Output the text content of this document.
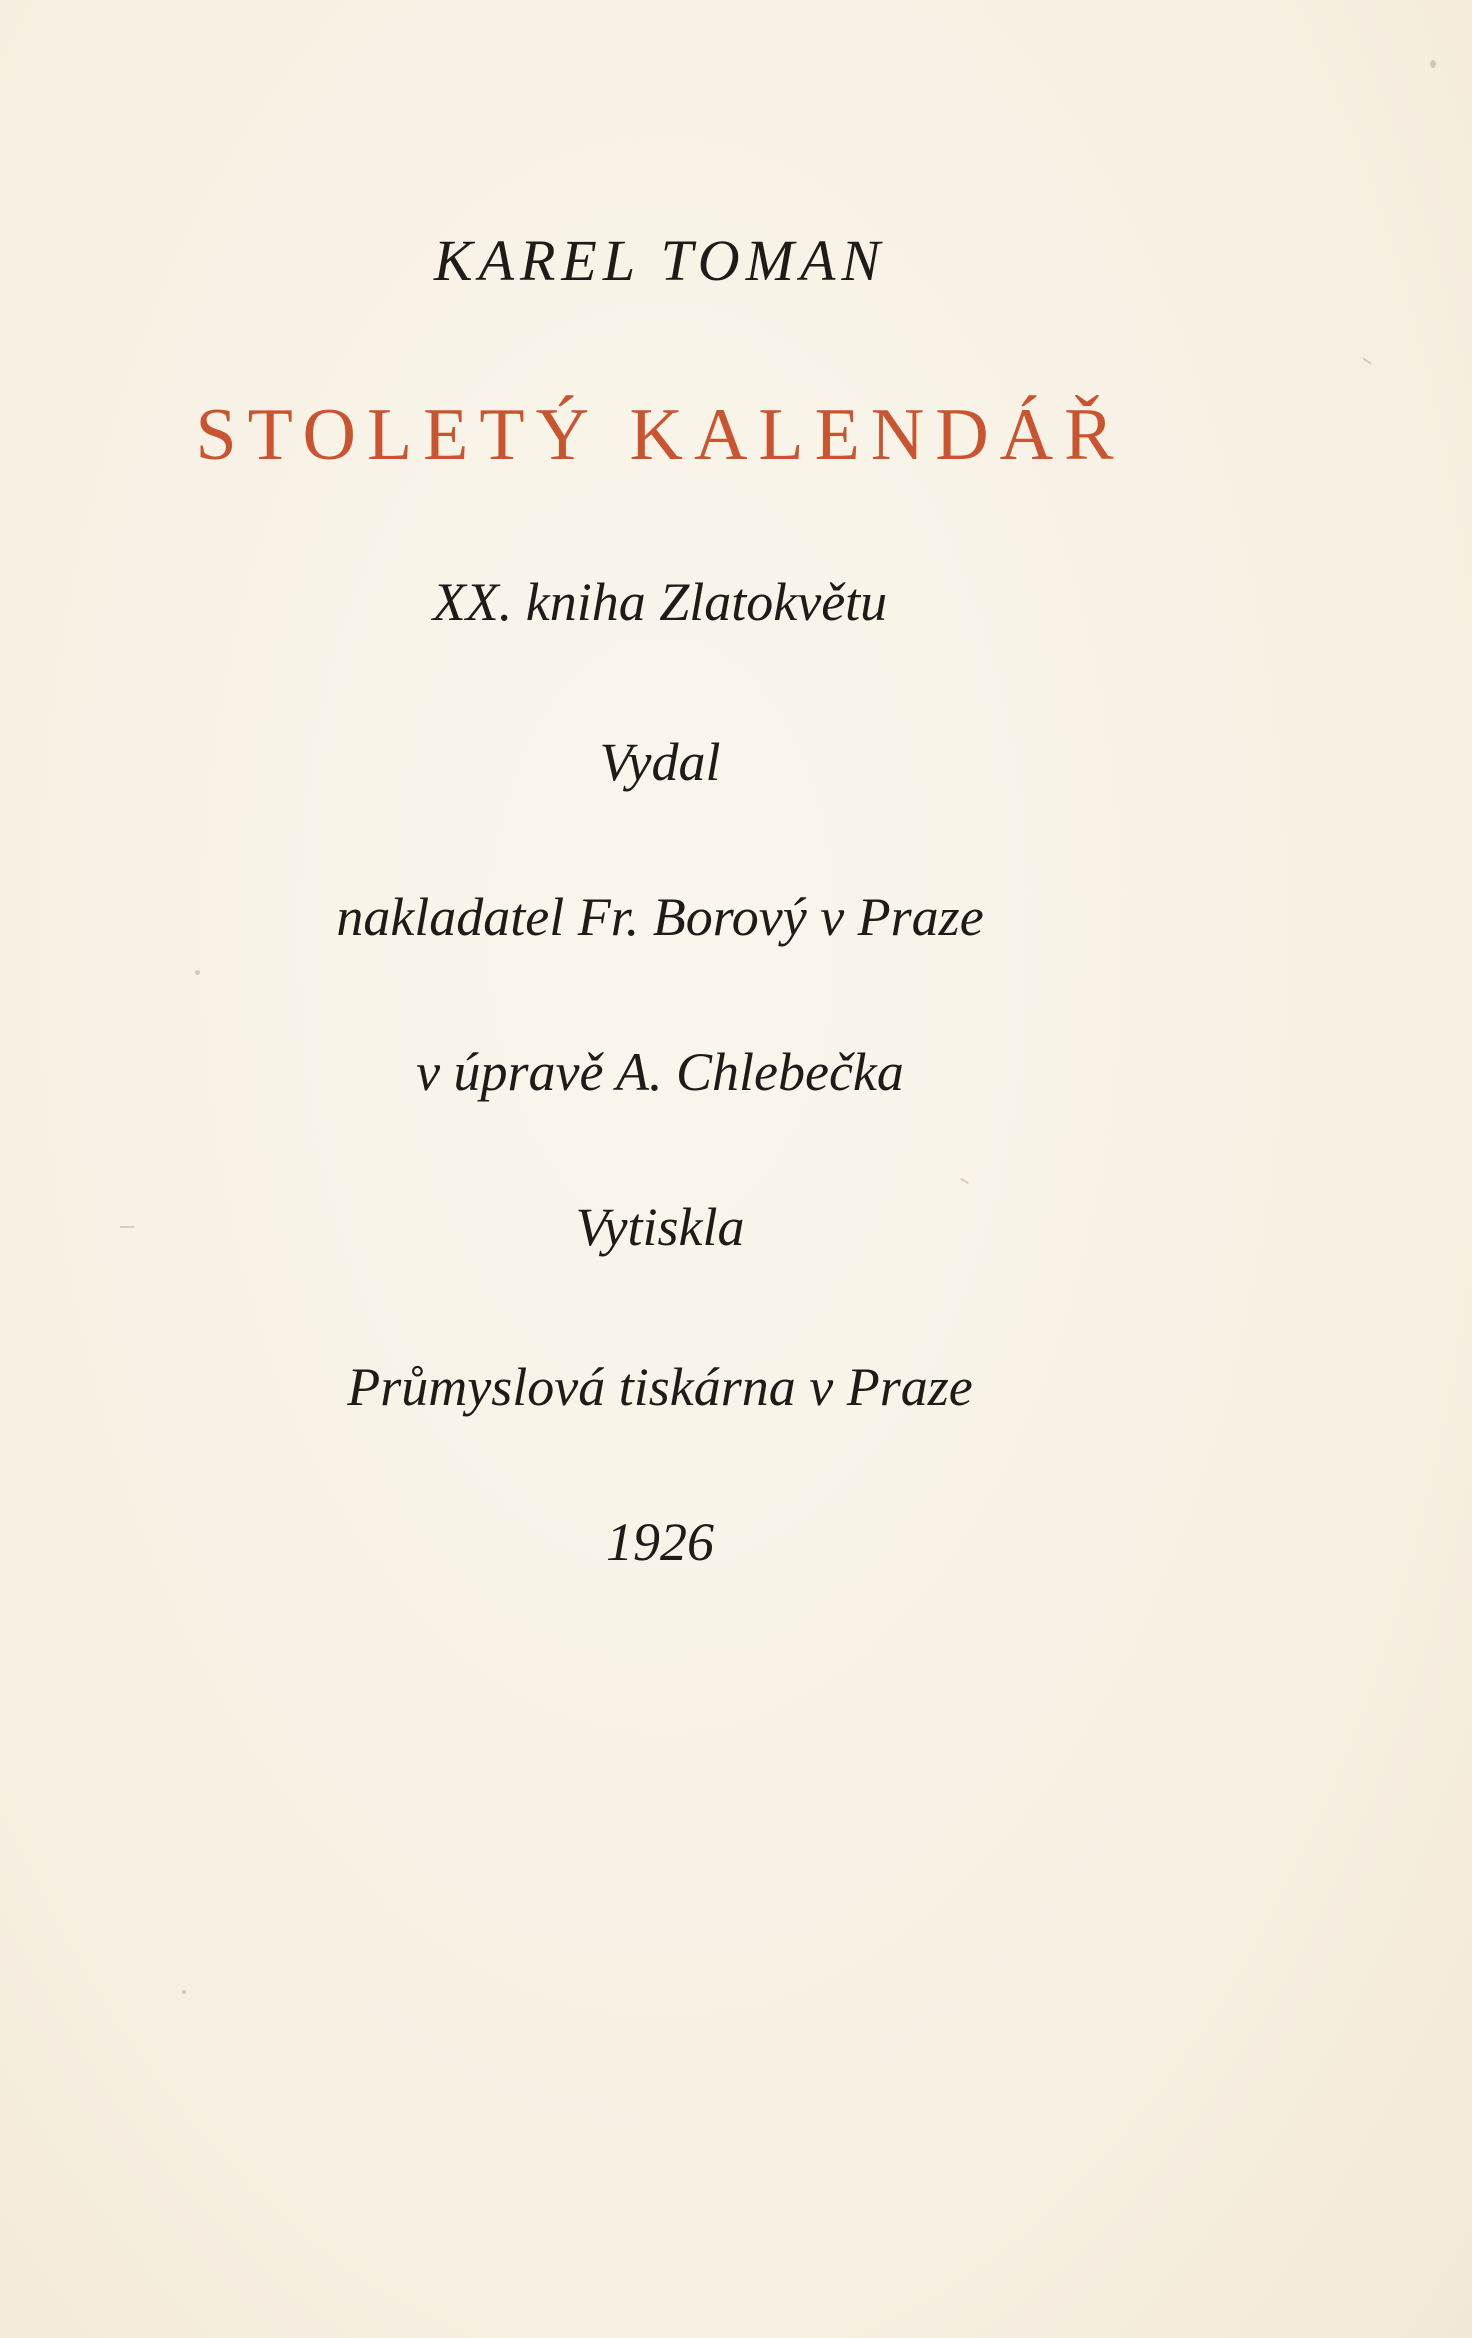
KAREL TOMAN
STOLETÝ KALENDÁŘ
XX. kniha Zlatokvětu
Vydal
nakladatel Fr. Borový v Praze
v úpravě A. Chlebečka
Vytiskla
Průmyslová tiskárna v Praze
1926
